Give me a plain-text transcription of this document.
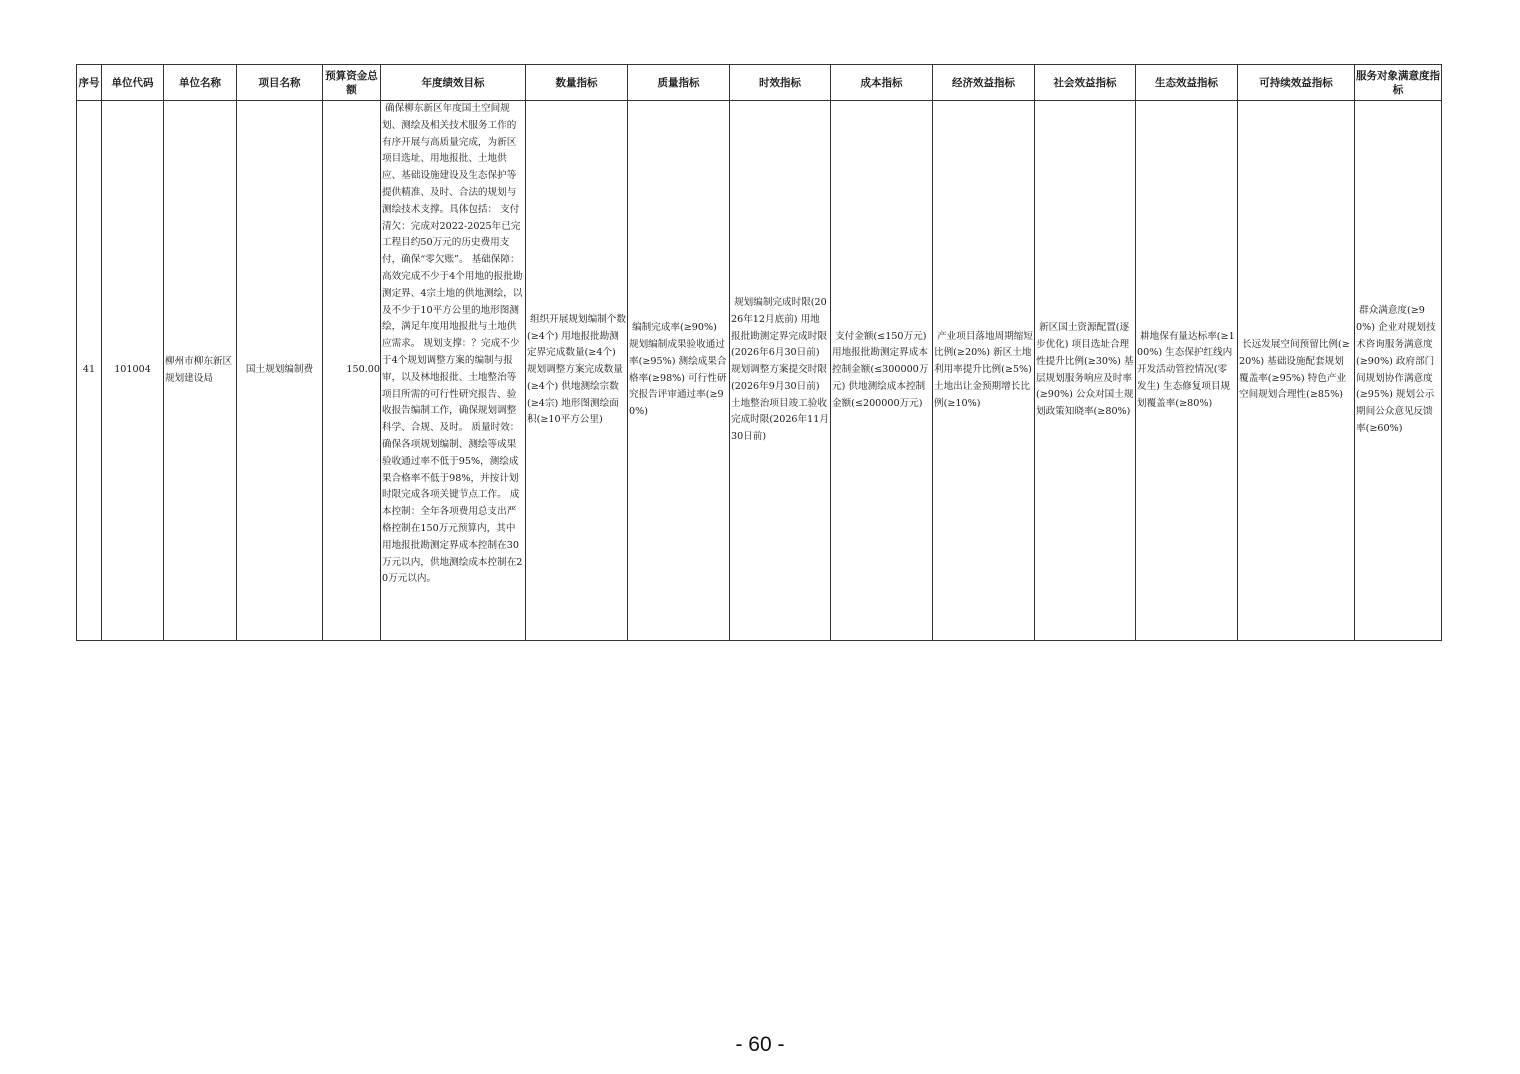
序号	单位代码	单位名称	项目名称	预算资金总额	年度绩效目标	数量指标	质量指标	时效指标	成本指标	经济效益指标	社会效益指标	生态效益指标	可持续效益指标	服务对象满意度指标
41	101004	柳州市柳东新区规划建设局	国土规划编制费	150.00	确保柳东新区年度国土空间规划、测绘及相关技术服务工作的有序开展与高质量完成，为新区项目选址、用地报批、土地供应、基础设施建设及生态保护等提供精准、及时、合法的规划与测绘技术支撑。具体包括： 支付清欠：完成对2022-2025年已完工程目约50万元的历史费用支付，确保“零欠账”。 基础保障：高效完成不少于4个用地的报批勘测定界、4宗土地的供地测绘，以及不少于10平方公里的地形图测绘，满足年度用地报批与土地供应需求。 规划支撑：？完成不少于4个规划调整方案的编制与报审，以及林地报批、土地整治等项目所需的可行性研究报告、验收报告编制工作，确保规划调整科学、合规、及时。 质量时效：确保各项规划编制、测绘等成果验收通过率不低于95%，测绘成果合格率不低于98%，并按计划时限完成各项关键节点工作。 成本控制：全年各项费用总支出严格控制在150万元预算内，其中用地报批勘测定界成本控制在30万元以内，供地测绘成本控制在20万元以内。	组织开展规划编制个数(≥4个) 用地报批勘测定界完成数量(≥4个) 规划调整方案完成数量(≥4个) 供地测绘宗数(≥4宗) 地形图测绘面积(≥10平方公里)	编制完成率(≥90%) 规划编制成果验收通过率(≥95%) 测绘成果合格率(≥98%) 可行性研究报告评审通过率(≥90%)	规划编制完成时限(2026年12月底前) 用地报批勘测定界完成时限(2026年6月30日前) 规划调整方案提交时限(2026年9月30日前) 土地整治项目竣工验收完成时限(2026年11月30日前)	支付金额(≤150万元) 用地报批勘测定界成本控制金额(≤300000万元) 供地测绘成本控制金额(≤200000万元)	产业项目落地周期缩短比例(≥20%) 新区土地利用率提升比例(≥5%) 土地出让金预期增长比例(≥10%)	新区国土资源配置(逐步优化) 项目选址合理性提升比例(≥30%) 基层规划服务响应及时率(≥90%) 公众对国土规划政策知晓率(≥80%)	耕地保有量达标率(≥100%) 生态保护红线内开发活动管控情况(零发生) 生态修复项目规划覆盖率(≥80%)	长远发展空间预留比例(≥20%) 基础设施配套规划覆盖率(≥95%) 特色产业空间规划合理性(≥85%)	群众满意度(≥90%) 企业对规划技术咨询服务满意度(≥90%) 政府部门间规划协作满意度(≥95%) 规划公示期间公众意见反馈率(≥60%)
- 60 -
